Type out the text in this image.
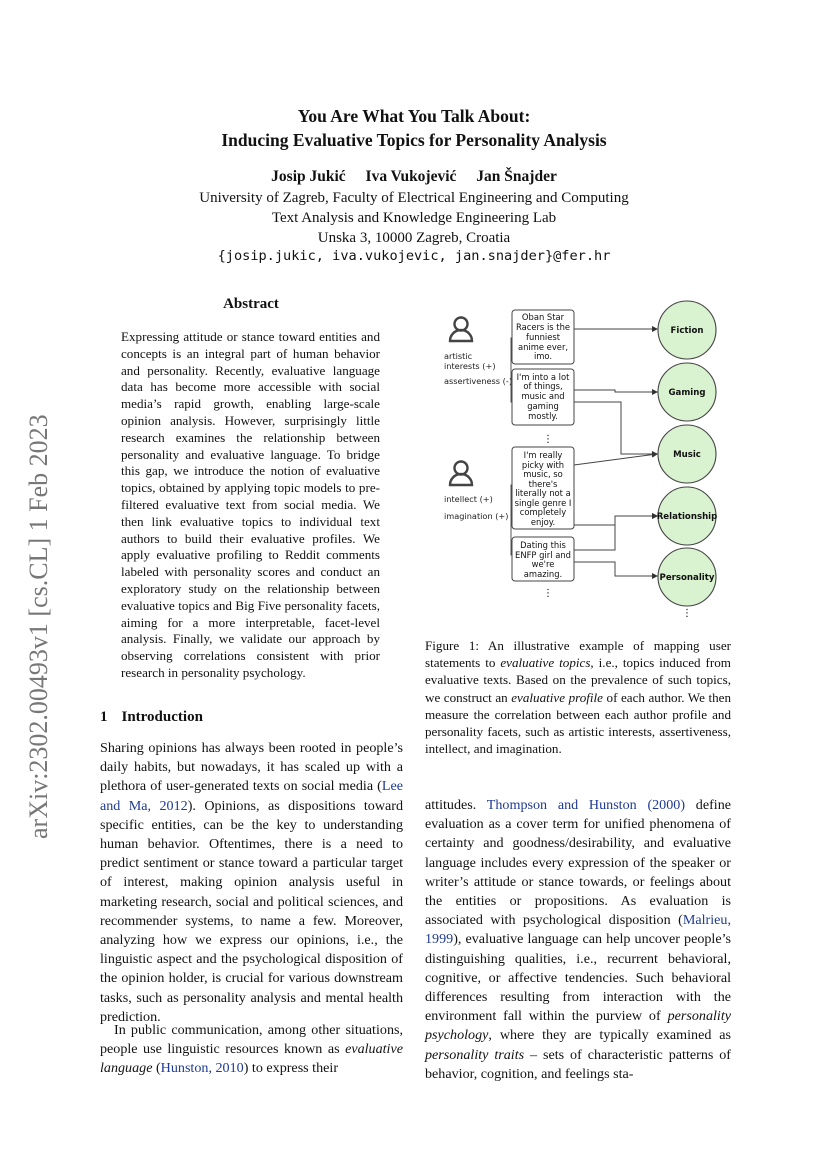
You Are What You Talk About:
Inducing Evaluative Topics for Personality Analysis
Josip Jukić Iva Vukojević Jan Šnajder
University of Zagreb, Faculty of Electrical Engineering and Computing
Text Analysis and Knowledge Engineering Lab
Unska 3, 10000 Zagreb, Croatia
{josip.jukic, iva.vukojevic, jan.snajder}@fer.hr
arXiv:2302.00493v1 [cs.CL] 1 Feb 2023
Abstract
Expressing attitude or stance toward entities and concepts is an integral part of human behavior and personality. Recently, evaluative language data has become more accessible with social media’s rapid growth, enabling large-scale opinion analysis. However, surprisingly little research examines the relationship between personality and evaluative language. To bridge this gap, we introduce the notion of evaluative topics, obtained by applying topic models to pre-filtered evaluative text from social media. We then link evaluative topics to individual text authors to build their evaluative profiles. We apply evaluative profiling to Reddit comments labeled with personality scores and conduct an exploratory study on the relationship between evaluative topics and Big Five personality facets, aiming for a more interpretable, facet-level analysis. Finally, we validate our approach by observing correlations consistent with prior research in personality psychology.
1 Introduction
Sharing opinions has always been rooted in people’s daily habits, but nowadays, it has scaled up with a plethora of user-generated texts on social media (Lee and Ma, 2012). Opinions, as dispositions toward specific entities, can be the key to understanding human behavior. Oftentimes, there is a need to predict sentiment or stance toward a particular target of interest, making opinion analysis useful in marketing research, social and political sciences, and recommender systems, to name a few. Moreover, analyzing how we express our opinions, i.e., the linguistic aspect and the psychological disposition of the opinion holder, is crucial for various downstream tasks, such as personality analysis and mental health prediction.
In public communication, among other situations, people use linguistic resources known as evaluative language (Hunston, 2010) to express their
attitudes. Thompson and Hunston (2000) define evaluation as a cover term for unified phenomena of certainty and goodness/desirability, and evaluative language includes every expression of the speaker or writer’s attitude or stance towards, or feelings about the entities or propositions. As evaluation is associated with psychological disposition (Malrieu, 1999), evaluative language can help uncover people’s distinguishing qualities, i.e., recurrent behavioral, cognitive, or affective tendencies. Such behavioral differences resulting from interaction with the environment fall within the purview of personality psychology, where they are typically examined as personality traits – sets of characteristic patterns of behavior, cognition, and feelings sta-
Figure 1: An illustrative example of mapping user statements to evaluative topics, i.e., topics induced from evaluative texts. Based on the prevalence of such topics, we construct an evaluative profile of each author. We then measure the correlation between each author profile and personality facets, such as artistic interests, assertiveness, intellect, and imagination.
artistic
interests (+)
assertiveness (-)
intellect (+)
imagination (+)
Oban Star
Racers is the
funniest
anime ever,
imo.
I'm into a lot
of things,
music and
gaming
mostly.
I'm really
picky with
music, so
there's
literally not a
single genre I
completely
enjoy.
Dating this
ENFP girl and
we're
amazing.
⋮
⋮
⋮
Fiction
Gaming
Music
Relationship
Personality
